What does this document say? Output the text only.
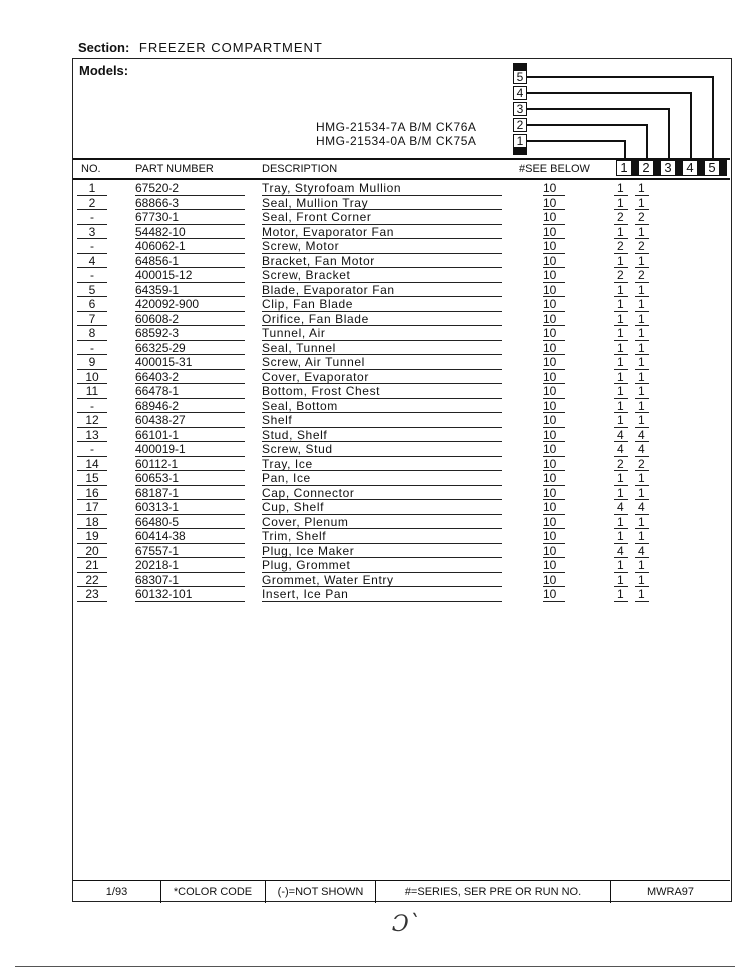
Section: FREEZER COMPARTMENT
Models:
HMG-21534-7A B/M CK76A
HMG-21534-0A B/M CK75A
5
4
3
2
1
NO.	PART NUMBER	DESCRIPTION	#SEE BELOW	1	2	3	4	5
1	67520-2	Tray, Styrofoam Mullion	10	1 1
2	68866-3	Seal, Mullion Tray	10	1 1
-	67730-1	Seal, Front Corner	10	2 2
3	54482-10	Motor, Evaporator Fan	10	1 1
-	406062-1	Screw, Motor	10	2 2
4	64856-1	Bracket, Fan Motor	10	1 1
-	400015-12	Screw, Bracket	10	2 2
5	64359-1	Blade, Evaporator Fan	10	1 1
6	420092-900	Clip, Fan Blade	10	1 1
7	60608-2	Orifice, Fan Blade	10	1 1
8	68592-3	Tunnel, Air	10	1 1
-	66325-29	Seal, Tunnel	10	1 1
9	400015-31	Screw, Air Tunnel	10	1 1
10	66403-2	Cover, Evaporator	10	1 1
11	66478-1	Bottom, Frost Chest	10	1 1
-	68946-2	Seal, Bottom	10	1 1
12	60438-27	Shelf	10	1 1
13	66101-1	Stud, Shelf	10	4 4
-	400019-1	Screw, Stud	10	4 4
14	60112-1	Tray, Ice	10	2 2
15	60653-1	Pan, Ice	10	1 1
16	68187-1	Cap, Connector	10	1 1
17	60313-1	Cup, Shelf	10	4 4
18	66480-5	Cover, Plenum	10	1 1
19	60414-38	Trim, Shelf	10	1 1
20	67557-1	Plug, Ice Maker	10	4 4
21	20218-1	Plug, Grommet	10	1 1
22	68307-1	Grommet, Water Entry	10	1 1
23	60132-101	Insert, Ice Pan	10	1 1
1/93	*COLOR CODE	(-)=NOT SHOWN	#=SERIES, SER PRE OR RUN NO.	MWRA97
Ɔˋ
